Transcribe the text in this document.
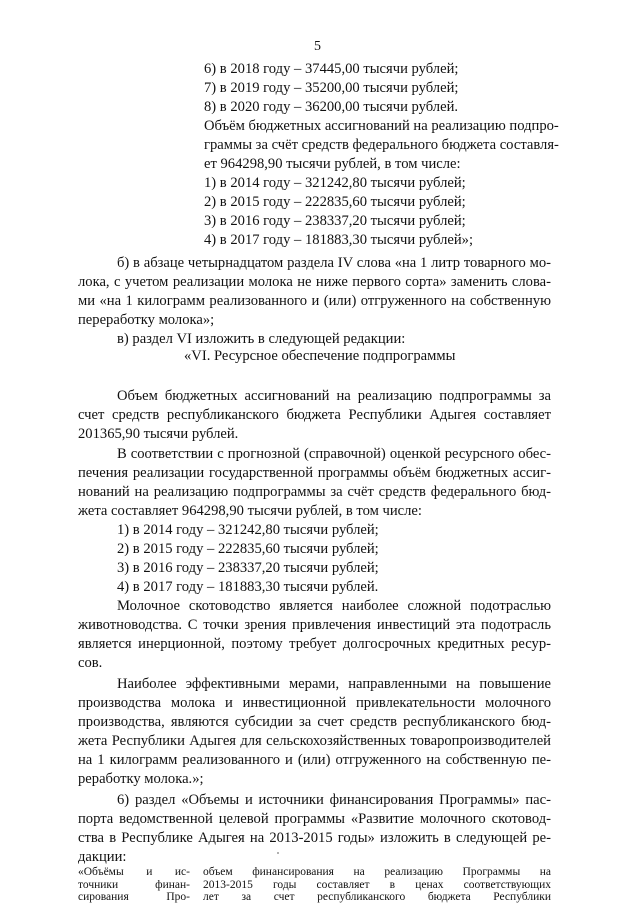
5
6) в 2018 году – 37445,00 тысячи рублей;
7) в 2019 году – 35200,00 тысячи рублей;
8) в 2020 году – 36200,00 тысячи рублей.
Объём бюджетных ассигнований на реализацию подпро-
граммы за счёт средств федерального бюджета составля-
ет 964298,90 тысячи рублей, в том числе:
1) в 2014 году – 321242,80 тысячи рублей;
2) в 2015 году – 222835,60 тысячи рублей;
3) в 2016 году – 238337,20 тысячи рублей;
4) в 2017 году – 181883,30 тысячи рублей»;
б) в абзаце четырнадцатом раздела IV слова «на 1 литр товарного мо-
лока, с учетом реализации молока не ниже первого сорта» заменить слова-
ми «на 1 килограмм реализованного и (или) отгруженного на собственную
переработку молока»;
в) раздел VI изложить в следующей редакции:
«VI. Ресурсное обеспечение подпрограммы
Объем бюджетных ассигнований на реализацию подпрограммы за
счет средств республиканского бюджета Республики Адыгея составляет
201365,90 тысячи рублей.
В соответствии с прогнозной (справочной) оценкой ресурсного обес-
печения реализации государственной программы объём бюджетных ассиг-
нований на реализацию подпрограммы за счёт средств федерального бюд-
жета составляет 964298,90 тысячи рублей, в том числе:
1) в 2014 году – 321242,80 тысячи рублей;
2) в 2015 году – 222835,60 тысячи рублей;
3) в 2016 году – 238337,20 тысячи рублей;
4) в 2017 году – 181883,30 тысячи рублей.
Молочное скотоводство является наиболее сложной подотраслью
животноводства. С точки зрения привлечения инвестиций эта подотрасль
является инерционной, поэтому требует долгосрочных кредитных ресур-
сов.
Наиболее эффективными мерами, направленными на повышение
производства молока и инвестиционной привлекательности молочного
производства, являются субсидии за счет средств республиканского бюд-
жета Республики Адыгея для сельскохозяйственных товаропроизводителей
на 1 килограмм реализованного и (или) отгруженного на собственную пе-
реработку молока.»;
6) раздел «Объемы и источники финансирования Программы» пас-
порта ведомственной целевой программы «Развитие молочного скотовод-
ства в Республике Адыгея на 2013-2015 годы» изложить в следующей ре-
дакции:
«Объёмы и ис-
точники финан-
сирования Про-
объем финансирования на реализацию Программы на
2013-2015 годы составляет в ценах соответствующих
лет за счет республиканского бюджета Республики
